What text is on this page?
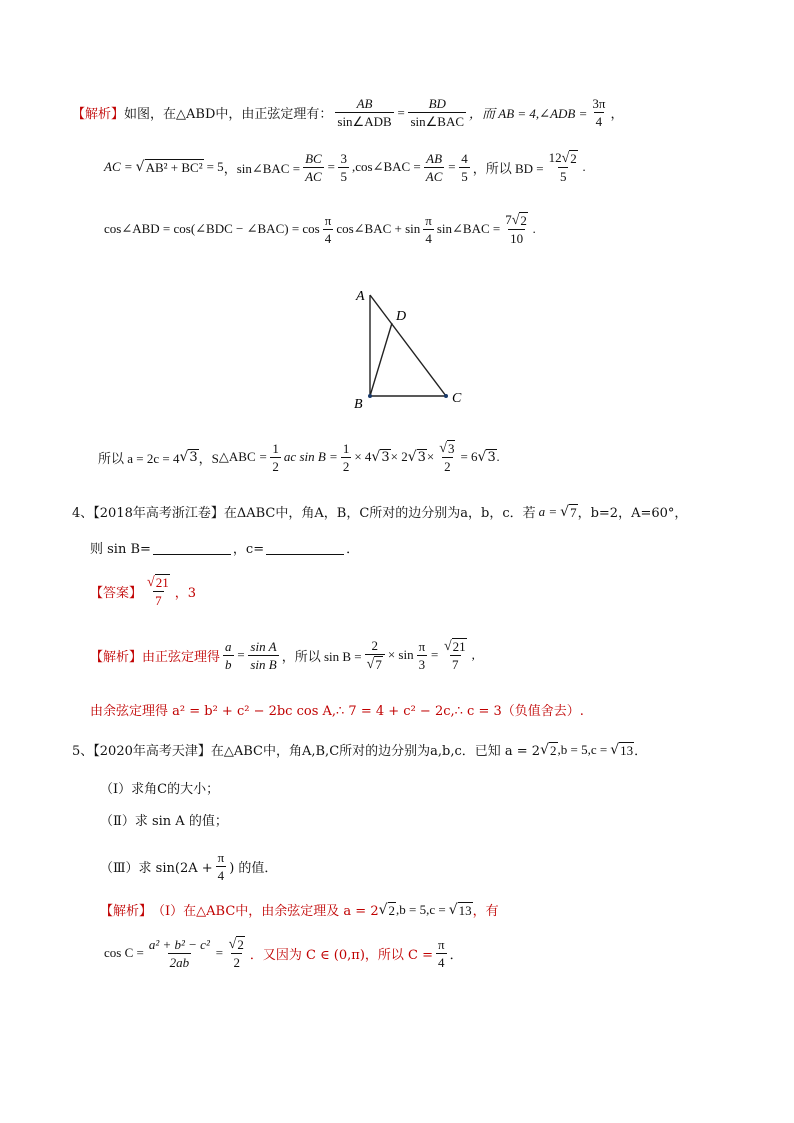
【解析】 如图，在△ABD中，由正弦定理有： $\frac{AB}{\text{sin∠ADB}} = \frac{BD}{\text{sin∠BAC}}$ ，而 AB = 4,∠ADB = $\frac{3\pi}{4}$ ，
AC = √ AB² + BC² = 5 ，sin∠BAC = $\frac{BC}{AC} = \frac{3}{5}$ ,cos∠BAC = $\frac{AB}{AC} = \frac{4}{5}$ ，所以 BD = $\frac{12 √ 2}{5}$ .
cos∠ABD = cos(∠BDC − ∠BAC) = $\cos \frac{\pi}{4}$ cos∠BAC + $\sin \frac{\pi}{4}$ sin∠BAC = $\frac{7 √ 2}{10}$ .
A
D
B	C
所以 a = 2c = 4 √ 3 ，S △ABC = $\frac{1}{2}$ ac $\sin B = \frac{1}{2} \times 4$ √ 3 × 2 √ $3 \times \frac{√ 3}{2} = 6$ √ 3 .
4、【2018年高考浙江卷】在ΔABC中，角A，B，C所对的边分别为a，b，c．若 a = √ 7 ，b=2，A=60°，
则 sin B=	，c=	．
【答案】 $\frac{√ 21}{7}$ ，3
【解析】 由正弦定理得 $\frac{a}{b} = \frac{\text{sin A}}{\text{sin B}}$ ，所以 $\sin B = \frac{2}{√ 7} \times \sin \frac{\pi}{3} = \frac{√ 21}{7}$ ,
由余弦定理得 a² = b² + c² − 2bc cos A,∴ 7 = 4 + c² − 2c,∴ c = 3（负值舍去）.
5、【2020年高考天津】在△ABC中，角A,B,C所对的边分别为a,b,c．已知 a = 2 √ 2 ,b = 5,c = √ 13 ．
（Ⅰ）求角C的大小；
（Ⅱ）求 sin A 的值；
（Ⅲ）求 $\sin(2A + \frac{\pi}{4}$ ) 的值．
【解析】 （Ⅰ）在△ABC中，由余弦定理及 a = 2 √ 2 ,b = 5,c = √ 13 ，有
$\cos C = \frac{\text{a² + b² − c²}}{2ab} = \frac{√ 2}{2}$ ．又因为 C ∈ (0,π)，所以 $C = \frac{\pi}{4}$ ．
